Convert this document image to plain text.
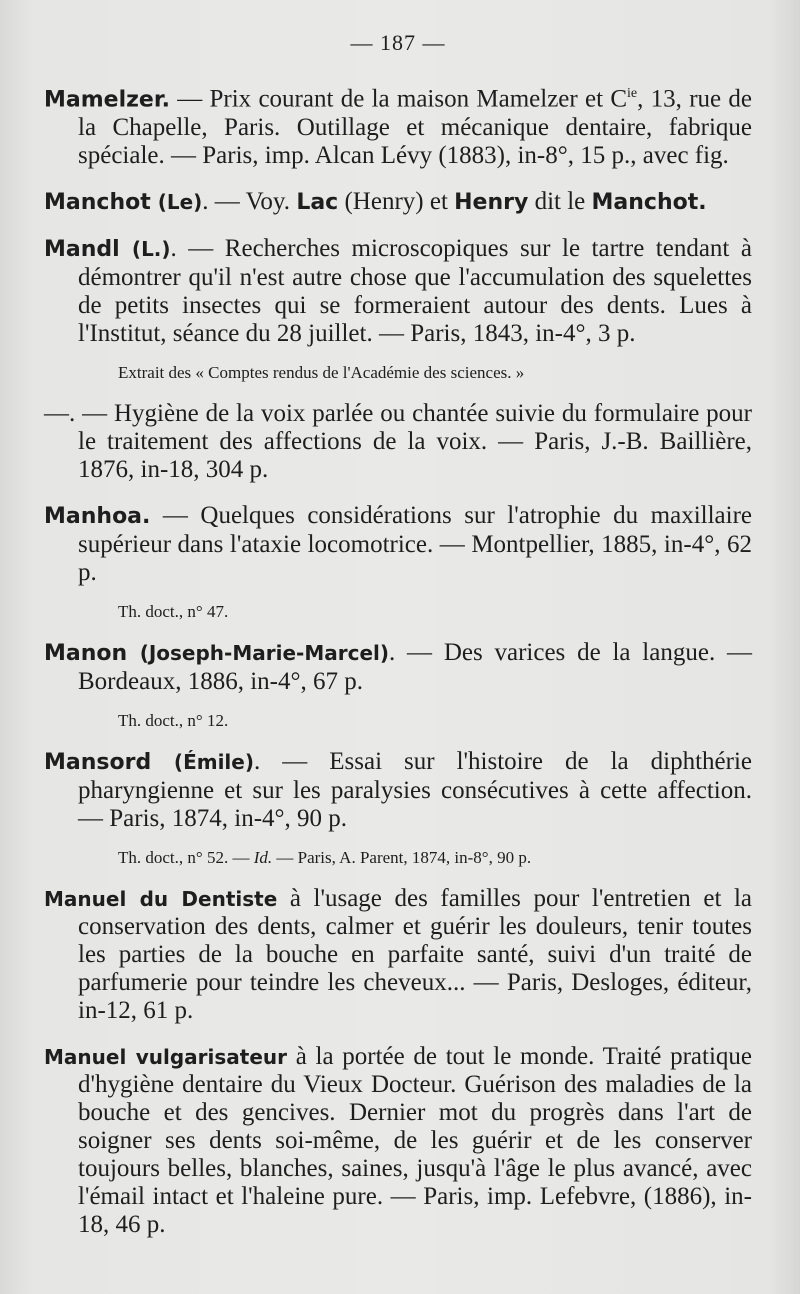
— 187 —
Mamelzer. — Prix courant de la maison Mamelzer et $C^{ie}$, 13, rue de la Chapelle, Paris. Outillage et mécanique dentaire, fabrique spéciale. — Paris, imp. Alcan Lévy (1883), in-8°, 15 p., avec fig.
Manchot (Le). — Voy. Lac (Henry) et Henry dit le Manchot.
Mandl (L.). — Recherches microscopiques sur le tartre tendant à démontrer qu'il n'est autre chose que l'accumulation des squelettes de petits insectes qui se formeraient autour des dents. Lues à l'Institut, séance du 28 juillet. — Paris, 1843, in-4°, 3 p.
Extrait des « Comptes rendus de l'Académie des sciences. »
—. — Hygiène de la voix parlée ou chantée suivie du formulaire pour le traitement des affections de la voix. — Paris, J.-B. Baillière, 1876, in-18, 304 p.
Manhoa. — Quelques considérations sur l'atrophie du maxillaire supérieur dans l'ataxie locomotrice. — Montpellier, 1885, in-4°, 62 p.
Th. doct., n° 47.
Manon (Joseph-Marie-Marcel). — Des varices de la langue. — Bordeaux, 1886, in-4°, 67 p.
Th. doct., n° 12.
Mansord (Émile). — Essai sur l'histoire de la diphthérie pharyngienne et sur les paralysies consécutives à cette affection. — Paris, 1874, in-4°, 90 p.
Th. doct., n° 52. — Id. — Paris, A. Parent, 1874, in-8°, 90 p.
Manuel du Dentiste à l'usage des familles pour l'entretien et la conservation des dents, calmer et guérir les douleurs, tenir toutes les parties de la bouche en parfaite santé, suivi d'un traité de parfumerie pour teindre les cheveux... — Paris, Desloges, éditeur, in-12, 61 p.
Manuel vulgarisateur à la portée de tout le monde. Traité pratique d'hygiène dentaire du Vieux Docteur. Guérison des maladies de la bouche et des gencives. Dernier mot du progrès dans l'art de soigner ses dents soi-même, de les guérir et de les conserver toujours belles, blanches, saines, jusqu'à l'âge le plus avancé, avec l'émail intact et l'haleine pure. — Paris, imp. Lefebvre, (1886), in-18, 46 p.
